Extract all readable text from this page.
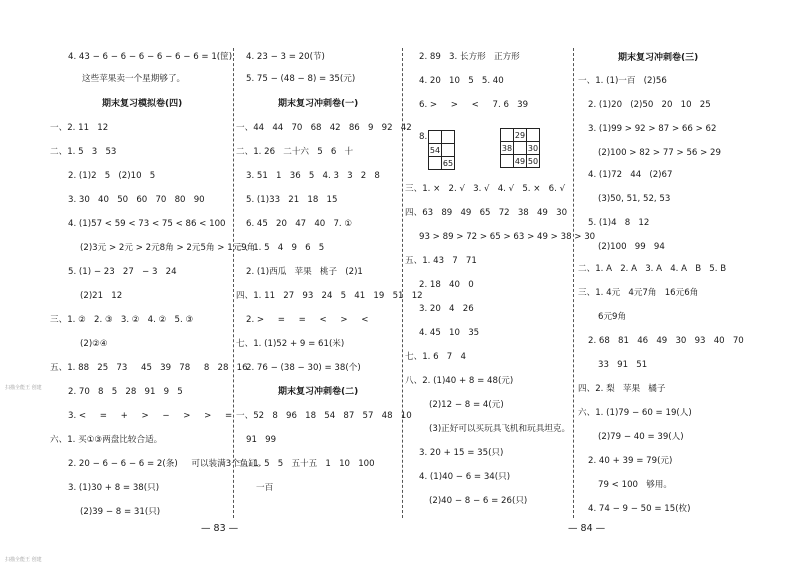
4. 43 − 6 − 6 − 6 − 6 − 6 − 6 = 1(筐)
这些苹果卖一个星期够了。
期末复习模拟卷(四)
一、2. 11   12
二、1. 5   3   53
2. (1)2   5   (2)10   5
3. 30   40   50   60   70   80   90
4. (1)57 < 59 < 73 < 75 < 86 < 100
(2)3元 > 2元 > 2元8角 > 2元5角 > 1元9角
5. (1) − 23   27   − 3   24
(2)21   12
三、1. ②   2. ③   3. ②   4. ②   5. ③
(2)②④
五、1. 88   25   73     45   39   78     8   28   16
2. 70   8   5   28   91   9   5
3. <     =     +     >     −     >     >     =
六、1. 买①③两盘比较合适。
2. 20 − 6 − 6 − 6 = 2(条)     可以装满3个鱼缸。
3. (1)30 + 8 = 38(只)
(2)39 − 8 = 31(只)
4. 23 − 3 = 20(节)
5. 75 − (48 − 8) = 35(元)
期末复习冲刺卷(一)
一、44   44   70   68   42   86   9   92   42
二、1. 26   二十六   5   6   十
3. 51   1   36   5   4. 3   3   2   8
5. (1)33   21   18   15
6. 45   20   47   40   7. ①
三、1. 5   4   9   6   5
2. (1)西瓜   苹果   桃子   (2)1
四、1. 11   27   93   24   5   41   19   51   12
2. >     =     =     <     >     <
七、1. (1)52 + 9 = 61(米)
2. 76 − (38 − 30) = 38(个)
期末复习冲刺卷(二)
一、52   8   96   18   54   87   57   48   10
91   99
二、1. 5   5   五十五   1   10   100
一百
2. 89   3. 长方形   正方形
4. 20   10   5   5. 40
6. >     >     <     7. 6   39
8.
三、1. ×   2. √   3. √   4. √   5. ×   6. √
四、63   89   49   65   72   38   49   30
93 > 89 > 72 > 65 > 63 > 49 > 38 > 30
五、1. 43   7   71
2. 18   40   0
3. 20   4   26
4. 45   10   35
七、1. 6   7   4
八、2. (1)40 + 8 = 48(元)
(2)12 − 8 = 4(元)
(3)正好可以买玩具飞机和玩具坦克。
3. 20 + 15 = 35(只)
4. (1)40 − 6 = 34(只)
(2)40 − 8 − 6 = 26(只)

54	
	65
	29	
38		30
	49	50
期末复习冲刺卷(三)
一、1. (1)一百   (2)56
2. (1)20   (2)50   20   10   25
3. (1)99 > 92 > 87 > 66 > 62
(2)100 > 82 > 77 > 56 > 29
4. (1)72   44   (2)67
(3)50, 51, 52, 53
5. (1)4   8   12
(2)100   99   94
二、1. A   2. A   3. A   4. A   B   5. B
三、1. 4元   4元7角   16元6角
6元9角
2. 68   81   46   49   30   93   40   70
33   91   51
四、2. 梨   苹果   橘子
六、1. (1)79 − 60 = 19(人)
(2)79 − 40 = 39(人)
2. 40 + 39 = 79(元)
79 < 100   够用。
4. 74 − 9 − 50 = 15(枚)
— 83 —	— 84 —
扫描全能王 创建
扫描全能王 创建
